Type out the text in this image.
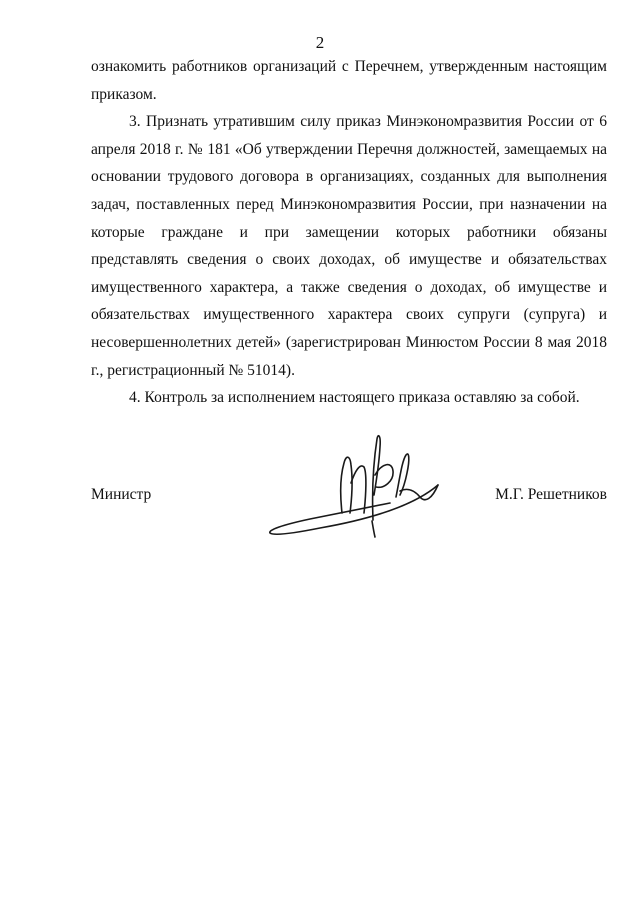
2

ознакомить работников организаций с Перечнем, утвержденным настоящим приказом.

3. Признать утратившим силу приказ Минэкономразвития России от 6 апреля 2018 г. № 181 «Об утверждении Перечня должностей, замещаемых на основании трудового договора в организациях, созданных для выполнения задач, поставленных перед Минэкономразвития России, при назначении на которые граждане и при замещении которых работники обязаны представлять сведения о своих доходах, об имуществе и обязательствах имущественного характера, а также сведения о доходах, об имуществе и обязательствах имущественного характера своих супруги (супруга) и несовершеннолетних детей» (зарегистрирован Минюстом России 8 мая 2018 г., регистрационный № 51014).

4. Контроль за исполнением настоящего приказа оставляю за собой.

Министр	М.Г. Решетников
